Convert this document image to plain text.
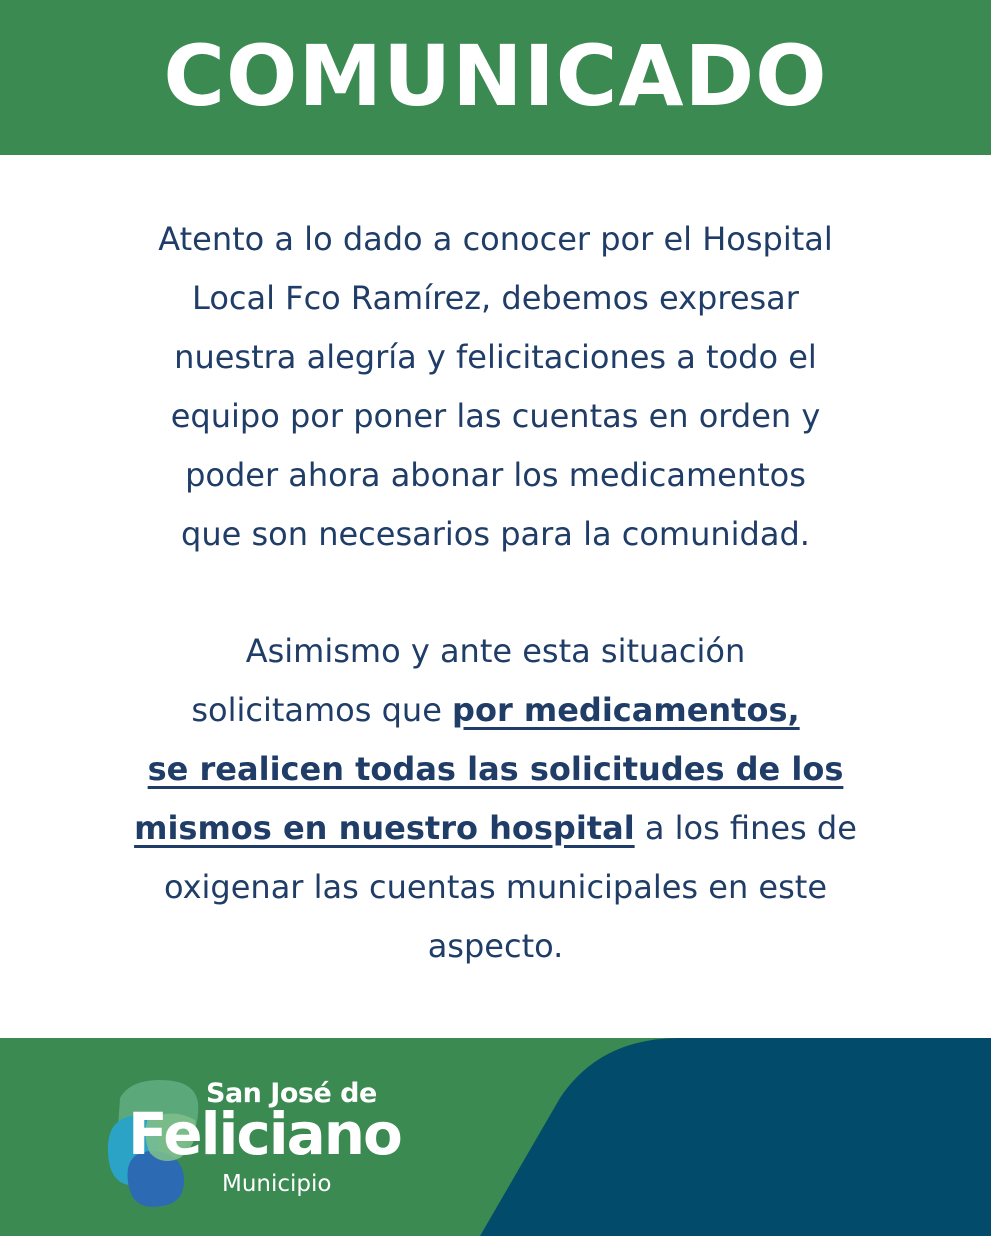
COMUNICADO
Atento a lo dado a conocer por el Hospital
Local Fco Ramírez, debemos expresar
nuestra alegría y felicitaciones a todo el
equipo por poner las cuentas en orden y
poder ahora abonar los medicamentos
que son necesarios para la comunidad.
Asimismo y ante esta situación
solicitamos que por medicamentos,
se realicen todas las solicitudes de los
mismos en nuestro hospital a los fines de
oxigenar las cuentas municipales en este
aspecto.
San José de
Feliciano
Municipio
